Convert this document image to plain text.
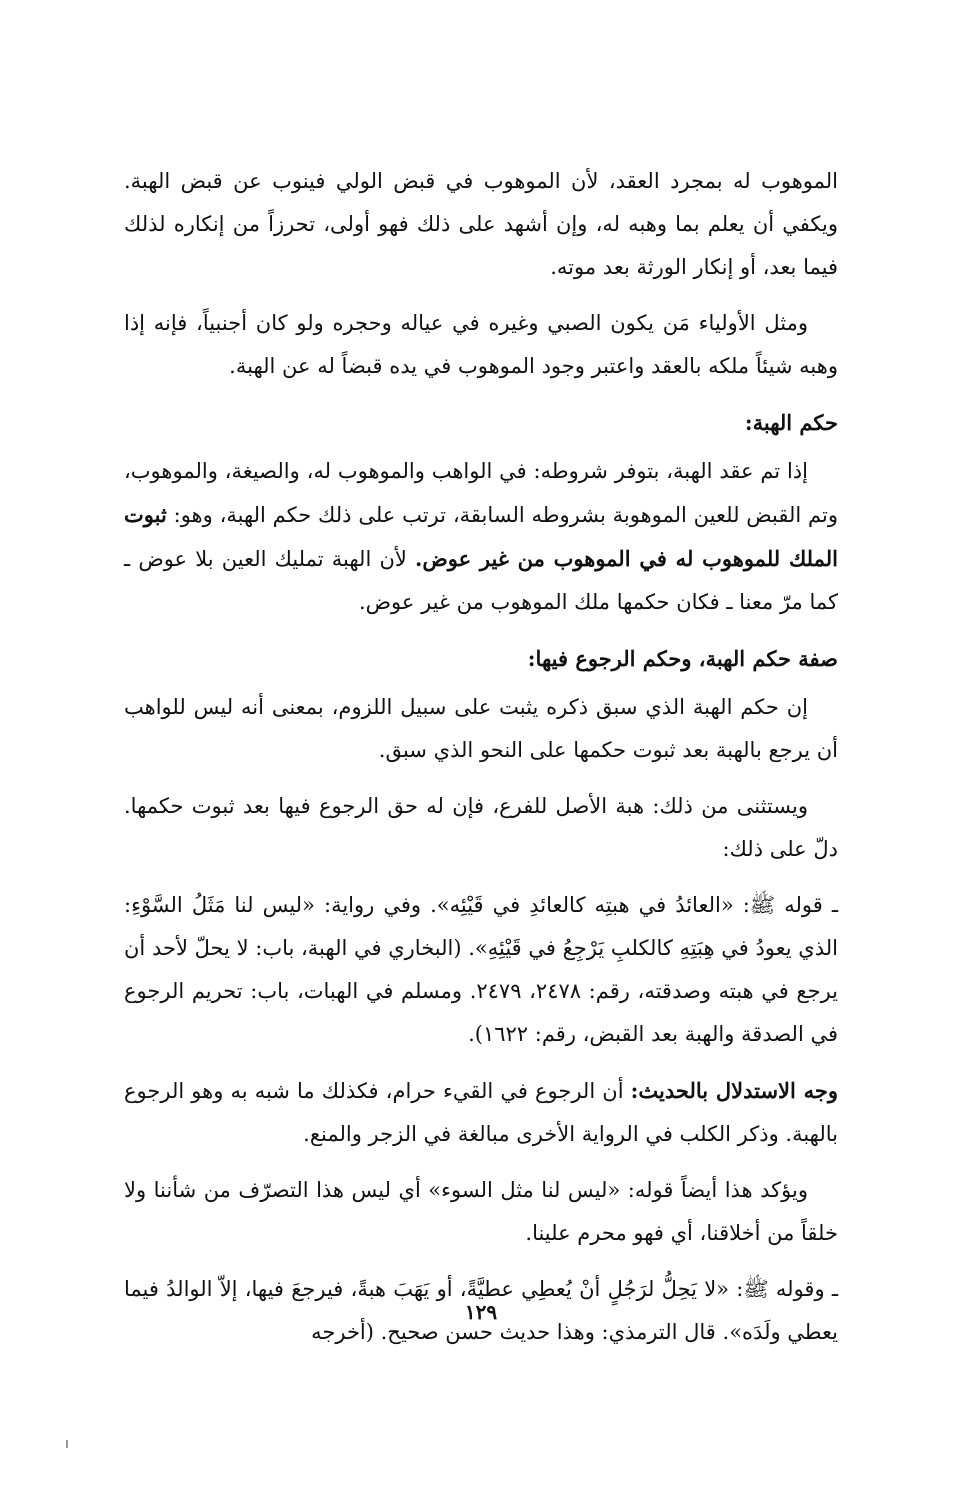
الموهوب له بمجرد العقد، لأن الموهوب في قبض الولي فينوب عن قبض الهبة. ويكفي أن يعلم بما وهبه له، وإن أشهد على ذلك فهو أولى، تحرزاً من إنكاره لذلك فيما بعد، أو إنكار الورثة بعد موته.

ومثل الأولياء مَن يكون الصبي وغيره في عياله وحجره ولو كان أجنبياً، فإنه إذا وهبه شيئاً ملكه بالعقد واعتبر وجود الموهوب في يده قبضاً له عن الهبة.

حكم الهبة:

إذا تم عقد الهبة، بتوفر شروطه: في الواهب والموهوب له، والصيغة، والموهوب، وتم القبض للعين الموهوبة بشروطه السابقة، ترتب على ذلك حكم الهبة، وهو: ثبوت الملك للموهوب له في الموهوب من غير عوض. لأن الهبة تمليك العين بلا عوض ـ كما مرّ معنا ـ فكان حكمها ملك الموهوب من غير عوض.

صفة حكم الهبة، وحكم الرجوع فيها:

إن حكم الهبة الذي سبق ذكره يثبت على سبيل اللزوم، بمعنى أنه ليس للواهب أن يرجع بالهبة بعد ثبوت حكمها على النحو الذي سبق.

ويستثنى من ذلك: هبة الأصل للفرع، فإن له حق الرجوع فيها بعد ثبوت حكمها. دلّ على ذلك:

ـ قوله ﷺ: «العائدُ في هبتِه كالعائدِ في قَيْئِه». وفي رواية: «ليس لنا مَثَلُ السَّوْءِ: الذي يعودُ في هِبَتِهِ كالكلبِ يَرْجِعُ في قَيْئِهِ». (البخاري في الهبة، باب: لا يحلّ لأحد أن يرجع في هبته وصدقته، رقم: ٢٤٧٨، ٢٤٧٩. ومسلم في الهبات، باب: تحريم الرجوع في الصدقة والهبة بعد القبض، رقم: ١٦٢٢).

وجه الاستدلال بالحديث: أن الرجوع في القيء حرام، فكذلك ما شبه به وهو الرجوع بالهبة. وذكر الكلب في الرواية الأخرى مبالغة في الزجر والمنع.

ويؤكد هذا أيضاً قوله: «ليس لنا مثل السوء» أي ليس هذا التصرّف من شأننا ولا خلقاً من أخلاقنا، أي فهو محرم علينا.

ـ وقوله ﷺ: «لا يَحِلُّ لرَجُلٍ أنْ يُعطِي عطيَّةً، أو يَهَبَ هبةً، فيرجعَ فيها، إلاّ الوالدُ فيما يعطي ولَدَه». قال الترمذي: وهذا حديث حسن صحيح. (أخرجه

١٢٩
